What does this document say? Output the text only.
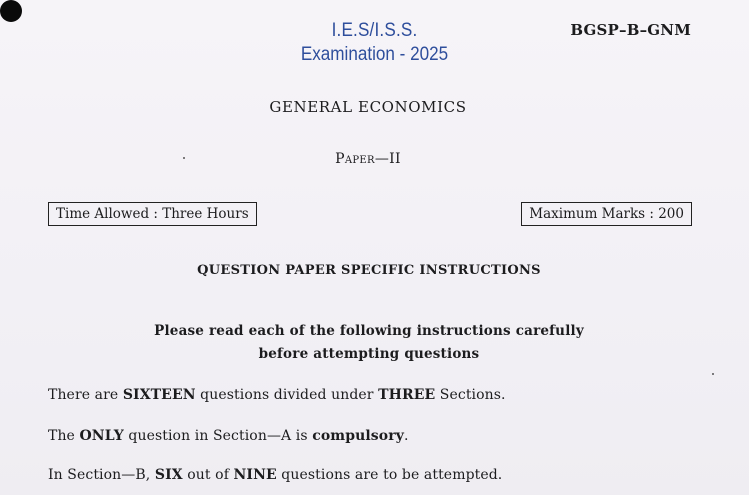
I.E.S/I.S.S.
Examination - 2025
BGSP–B–GNM
GENERAL ECONOMICS
Paper—II
Time Allowed : Three Hours	Maximum Marks : 200
QUESTION PAPER SPECIFIC INSTRUCTIONS
Please read each of the following instructions carefully
before attempting questions
There are SIXTEEN questions divided under THREE Sections.
The ONLY question in Section—A is compulsory.
In Section—B, SIX out of NINE questions are to be attempted.
